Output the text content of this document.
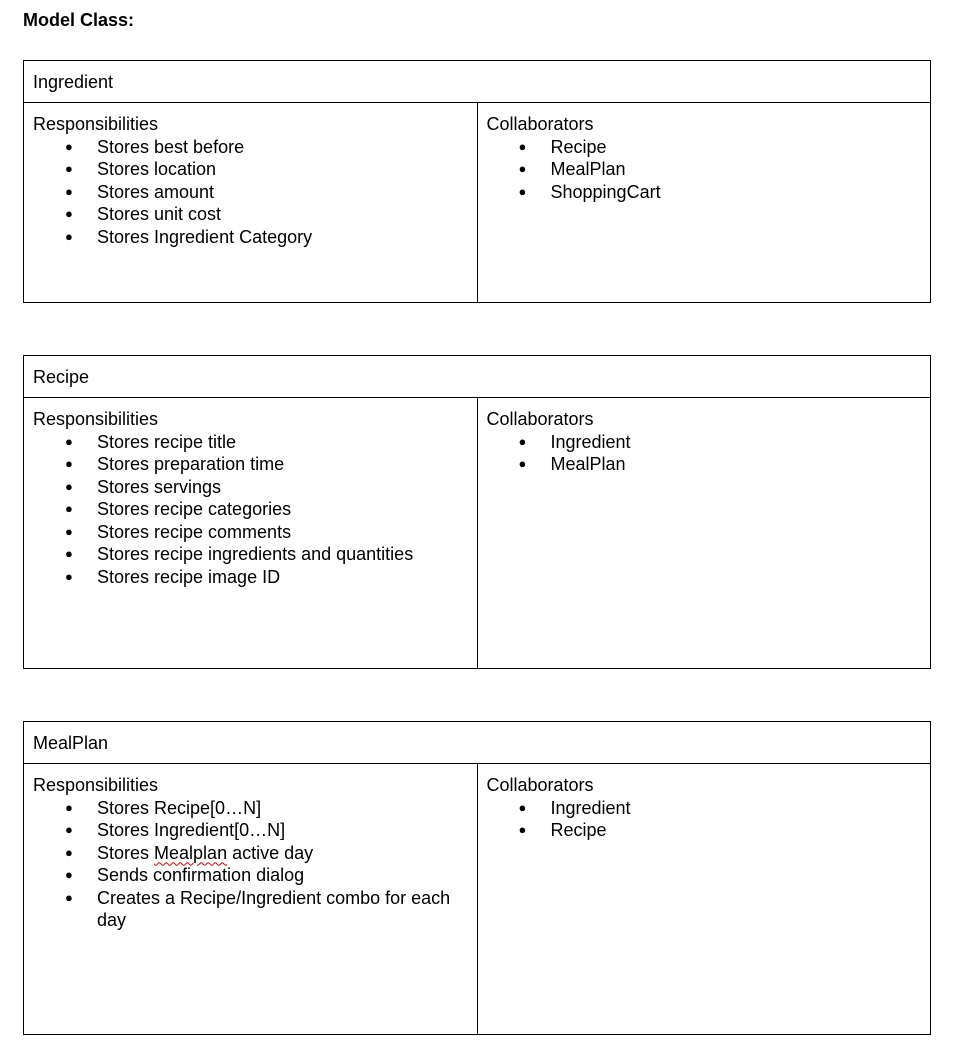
Model Class:
Ingredient

Responsibilities
● Stores best before
● Stores location
● Stores amount
● Stores unit cost
● Stores Ingredient Category

Collaborators
● Recipe
● MealPlan
● ShoppingCart
Recipe

Responsibilities
● Stores recipe title
● Stores preparation time
● Stores servings
● Stores recipe categories
● Stores recipe comments
● Stores recipe ingredients and quantities
● Stores recipe image ID

Collaborators
● Ingredient
● MealPlan
MealPlan

Responsibilities
● Stores Recipe[0…N]
● Stores Ingredient[0…N]
● Stores Mealplan active day
● Sends confirmation dialog
● Creates a Recipe/Ingredient combo for each day

Collaborators
● Ingredient
● Recipe
